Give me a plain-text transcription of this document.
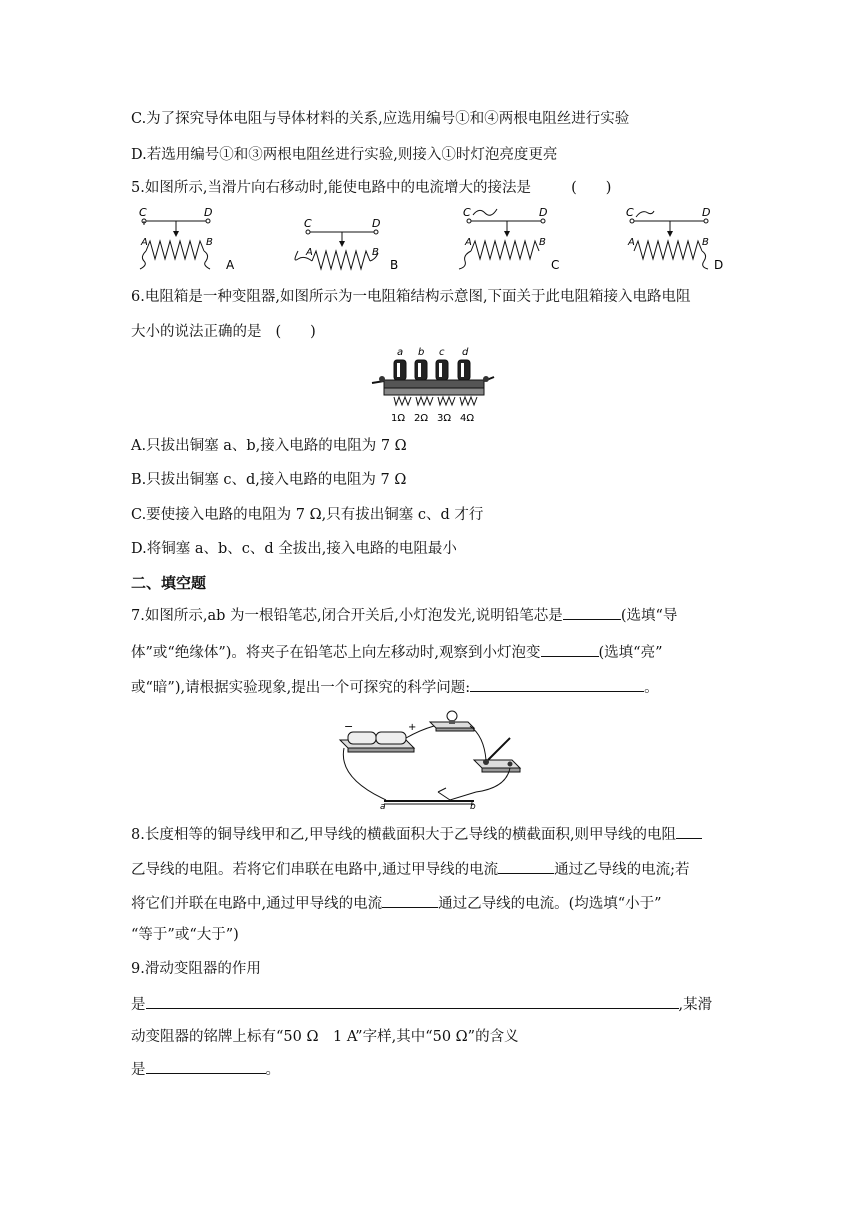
C.为了探究导体电阻与导体材料的关系,应选用编号①和④两根电阻丝进行实验
D.若选用编号①和③两根电阻丝进行实验,则接入①时灯泡亮度更亮
5.如图所示,当滑片向右移动时,能使电路中的电流增大的接法是	(　　)
C	D
A	B
A
C	D
A	B
B
C	D
A	B
C
C	D
A	B
D
6.电阻箱是一种变阻器,如图所示为一电阻箱结构示意图,下面关于此电阻箱接入电路电阻
大小的说法正确的是 (　　)
a b c d
1Ω 2Ω 3Ω 4Ω
A.只拔出铜塞 a、b,接入电路的电阻为 7 Ω
B.只拔出铜塞 c、d,接入电路的电阻为 7 Ω
C.要使接入电路的电阻为 7 Ω,只有拔出铜塞 c、d 才行
D.将铜塞 a、b、c、d 全拔出,接入电路的电阻最小
二、填空题
7.如图所示,ab 为一根铅笔芯,闭合开关后,小灯泡发光,说明铅笔芯是	(选填“导
体”或“绝缘体”)。将夹子在铅笔芯上向左移动时,观察到小灯泡变	(选填“亮”
或“暗”),请根据实验现象,提出一个可探究的科学问题:	。
−	+
a	b
8.长度相等的铜导线甲和乙,甲导线的横截面积大于乙导线的横截面积,则甲导线的电阻
乙导线的电阻。若将它们串联在电路中,通过甲导线的电流	通过乙导线的电流;若
将它们并联在电路中,通过甲导线的电流	通过乙导线的电流。(均选填“小于”
“等于”或“大于”)
9.滑动变阻器的作用
是	,某滑
动变阻器的铭牌上标有“50 Ω　1 A”字样,其中“50 Ω”的含义
是	。
